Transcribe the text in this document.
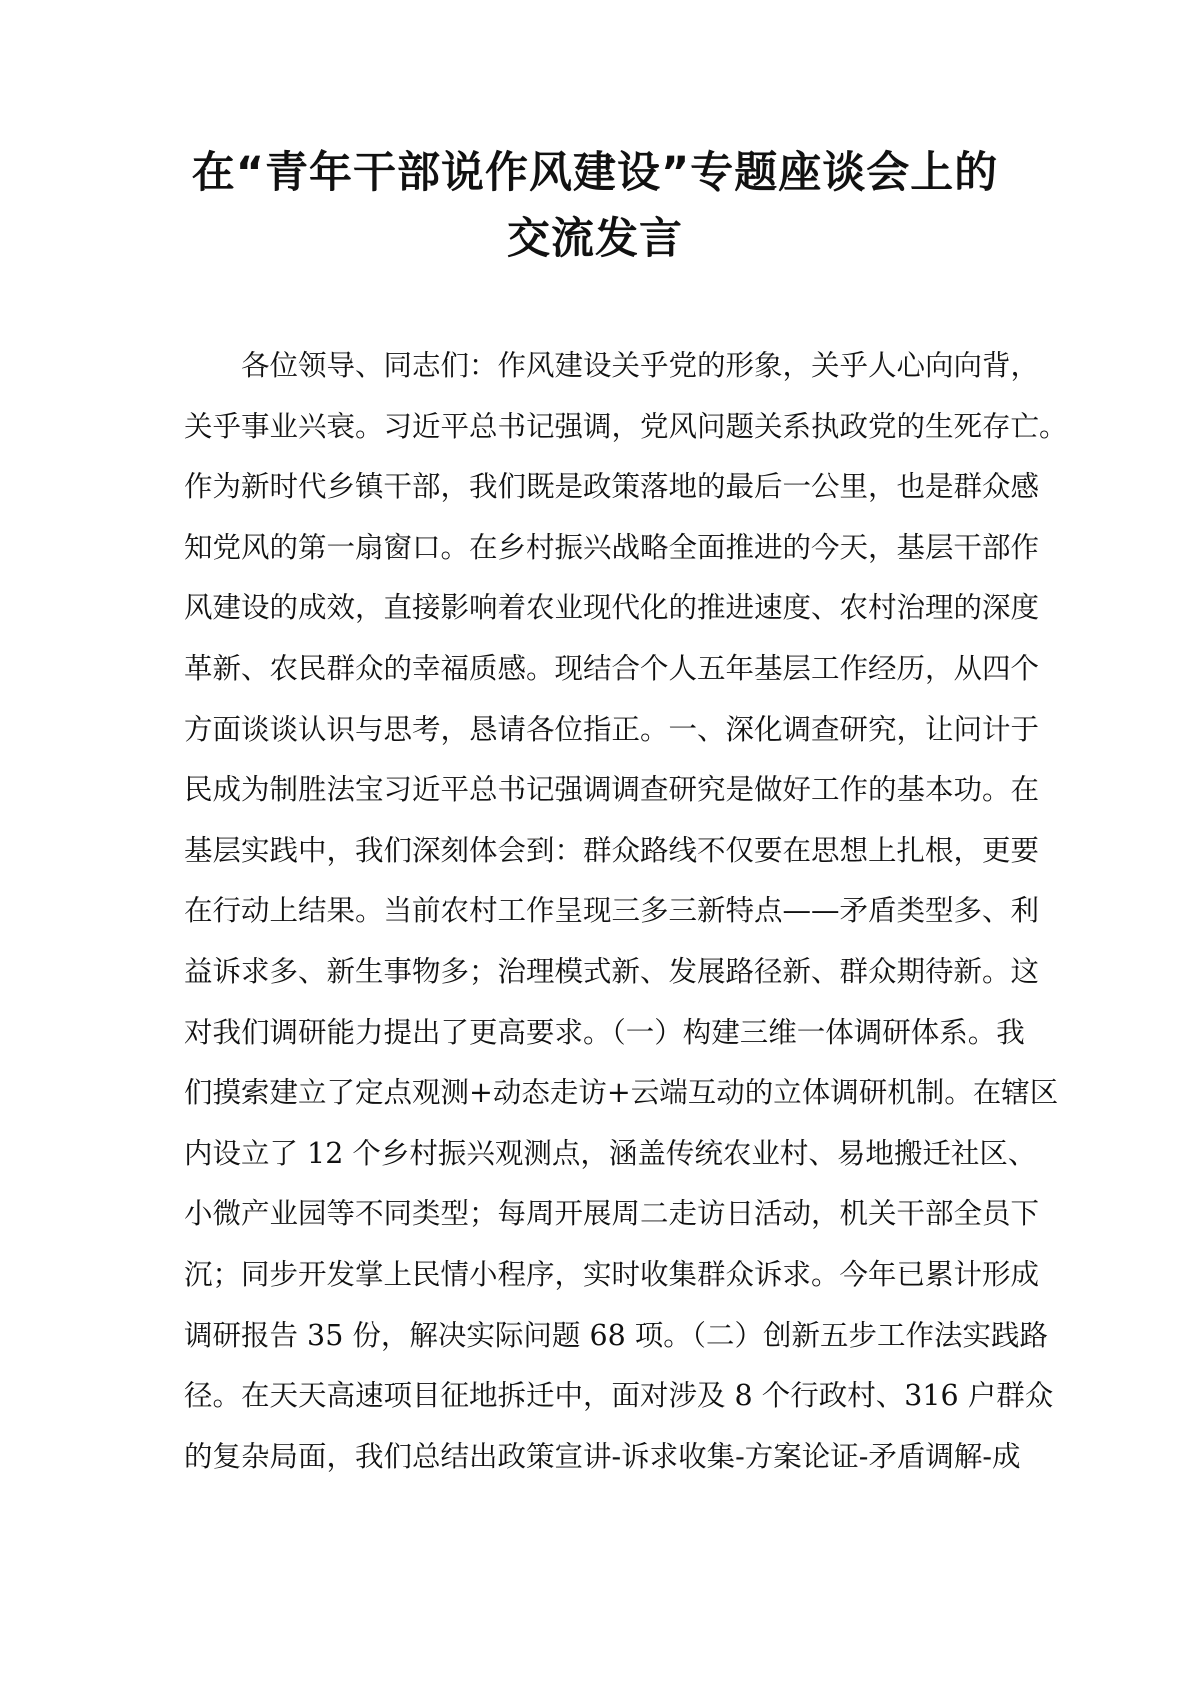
在“青年干部说作风建设”专题座谈会上的
交流发言
各位领导、同志们：作风建设关乎党的形象，关乎人心向向背，
关乎事业兴衰。习近平总书记强调，党风问题关系执政党的生死存亡。
作为新时代乡镇干部，我们既是政策落地的最后一公里，也是群众感
知党风的第一扇窗口。在乡村振兴战略全面推进的今天，基层干部作
风建设的成效，直接影响着农业现代化的推进速度、农村治理的深度
革新、农民群众的幸福质感。现结合个人五年基层工作经历，从四个
方面谈谈认识与思考，恳请各位指正。一、深化调查研究，让问计于
民成为制胜法宝习近平总书记强调调查研究是做好工作的基本功。在
基层实践中，我们深刻体会到：群众路线不仅要在思想上扎根，更要
在行动上结果。当前农村工作呈现三多三新特点——矛盾类型多、利
益诉求多、新生事物多；治理模式新、发展路径新、群众期待新。这
对我们调研能力提出了更高要求。（一）构建三维一体调研体系。我
们摸索建立了定点观测+动态走访+云端互动的立体调研机制。在辖区
内设立了 12 个乡村振兴观测点，涵盖传统农业村、易地搬迁社区、
小微产业园等不同类型；每周开展周二走访日活动，机关干部全员下
沉；同步开发掌上民情小程序，实时收集群众诉求。今年已累计形成
调研报告 35 份，解决实际问题 68 项。（二）创新五步工作法实践路
径。在天天高速项目征地拆迁中，面对涉及 8 个行政村、316 户群众
的复杂局面，我们总结出政策宣讲-诉求收集-方案论证-矛盾调解-成
